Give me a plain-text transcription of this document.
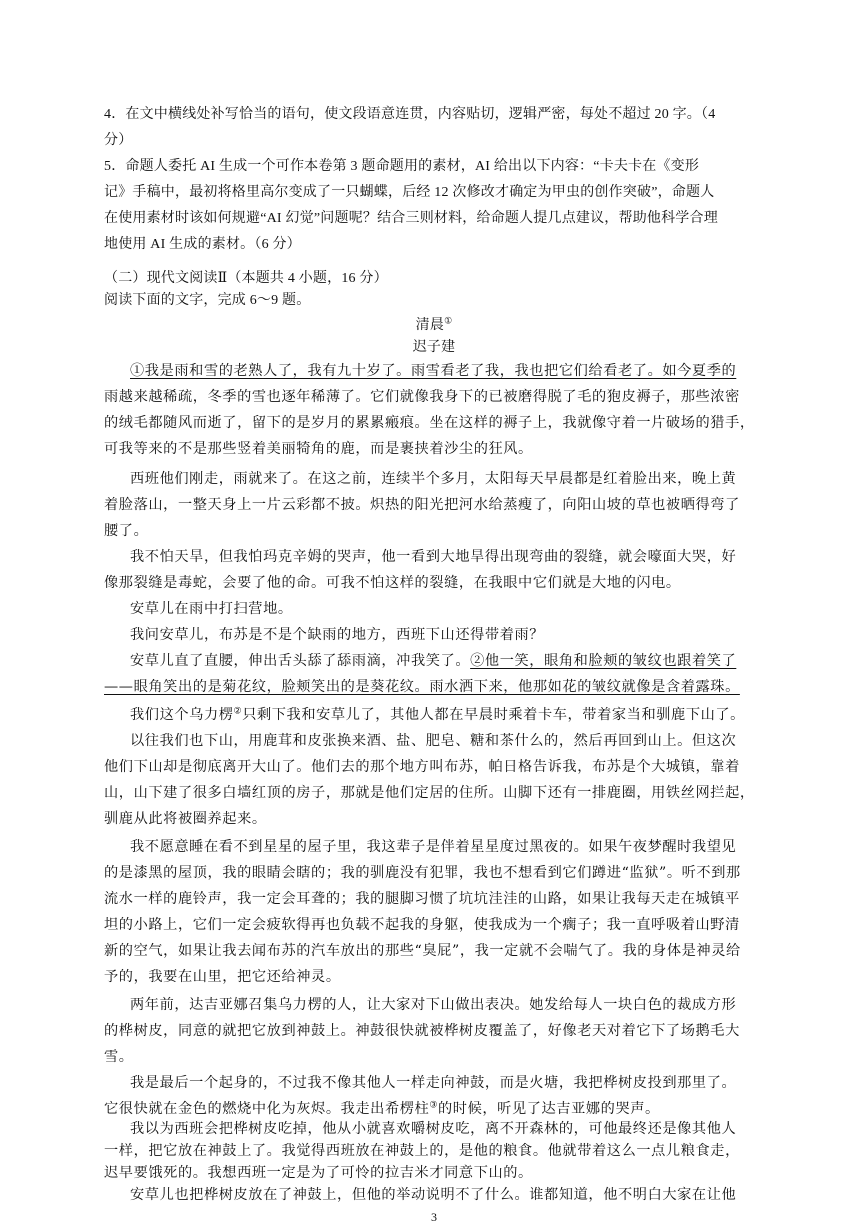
4．在文中横线处补写恰当的语句，使文段语意连贯，内容贴切，逻辑严密，每处不超过 20 字。（4
分）
5．命题人委托 AI 生成一个可作本卷第 3 题命题用的素材，AI 给出以下内容：“卡夫卡在《变形
记》手稿中，最初将格里高尔变成了一只蝴蝶，后经 12 次修改才确定为甲虫的创作突破”，命题人
在使用素材时该如何规避“AI 幻觉”问题呢？结合三则材料，给命题人提几点建议，帮助他科学合理
地使用 AI 生成的素材。（6 分）
（二）现代文阅读Ⅱ（本题共 4 小题，16 分）
阅读下面的文字，完成 6～9 题。
清晨①
迟子建
①我是雨和雪的老熟人了，我有九十岁了。雨雪看老了我，我也把它们给看老了。如今夏季的
雨越来越稀疏，冬季的雪也逐年稀薄了。它们就像我身下的已被磨得脱了毛的狍皮褥子，那些浓密
的绒毛都随风而逝了，留下的是岁月的累累瘢痕。坐在这样的褥子上，我就像守着一片破场的猎手，
可我等来的不是那些竖着美丽犄角的鹿，而是裹挟着沙尘的狂风。
西班他们刚走，雨就来了。在这之前，连续半个多月，太阳每天早晨都是红着脸出来，晚上黄
着脸落山，一整天身上一片云彩都不披。炽热的阳光把河水给蒸瘦了，向阳山坡的草也被晒得弯了
腰了。
我不怕天旱，但我怕玛克辛姆的哭声，他一看到大地旱得出现弯曲的裂缝，就会嚎面大哭，好
像那裂缝是毒蛇，会要了他的命。可我不怕这样的裂缝，在我眼中它们就是大地的闪电。
安草儿在雨中打扫营地。
我问安草儿，布苏是不是个缺雨的地方，西班下山还得带着雨？
安草儿直了直腰，伸出舌头舔了舔雨滴，冲我笑了。②他一笑，眼角和脸颊的皱纹也跟着笑了
——眼角笑出的是菊花纹，脸颊笑出的是葵花纹。雨水洒下来，他那如花的皱纹就像是含着露珠。
我们这个乌力楞②只剩下我和安草儿了，其他人都在早晨时乘着卡车，带着家当和驯鹿下山了。
以往我们也下山，用鹿茸和皮张换来酒、盐、肥皂、糖和茶什么的，然后再回到山上。但这次
他们下山却是彻底离开大山了。他们去的那个地方叫布苏，帕日格告诉我，布苏是个大城镇，靠着
山，山下建了很多白墙红顶的房子，那就是他们定居的住所。山脚下还有一排鹿圈，用铁丝网拦起，
驯鹿从此将被圈养起来。
我不愿意睡在看不到星星的屋子里，我这辈子是伴着星星度过黑夜的。如果午夜梦醒时我望见
的是漆黑的屋顶，我的眼睛会瞎的；我的驯鹿没有犯罪，我也不想看到它们蹲进“监狱”。听不到那
流水一样的鹿铃声，我一定会耳聋的；我的腿脚习惯了坑坑洼洼的山路，如果让我每天走在城镇平
坦的小路上，它们一定会疲软得再也负载不起我的身躯，使我成为一个瘸子；我一直呼吸着山野清
新的空气，如果让我去闻布苏的汽车放出的那些“臭屁”，我一定就不会喘气了。我的身体是神灵给
予的，我要在山里，把它还给神灵。
两年前，达吉亚娜召集乌力楞的人，让大家对下山做出表决。她发给每人一块白色的裁成方形
的桦树皮，同意的就把它放到神鼓上。神鼓很快就被桦树皮覆盖了，好像老天对着它下了场鹅毛大
雪。
我是最后一个起身的，不过我不像其他人一样走向神鼓，而是火塘，我把桦树皮投到那里了。
它很快就在金色的燃烧中化为灰烬。我走出希楞柱③的时候，听见了达吉亚娜的哭声。
3
我以为西班会把桦树皮吃掉，他从小就喜欢嚼树皮吃，离不开森林的，可他最终还是像其他人
一样，把它放在神鼓上了。我觉得西班放在神鼓上的，是他的粮食。他就带着这么一点儿粮食走，
迟早要饿死的。我想西班一定是为了可怜的拉吉米才同意下山的。
安草儿也把桦树皮放在了神鼓上，但他的举动说明不了什么。谁都知道，他不明白大家在让他
